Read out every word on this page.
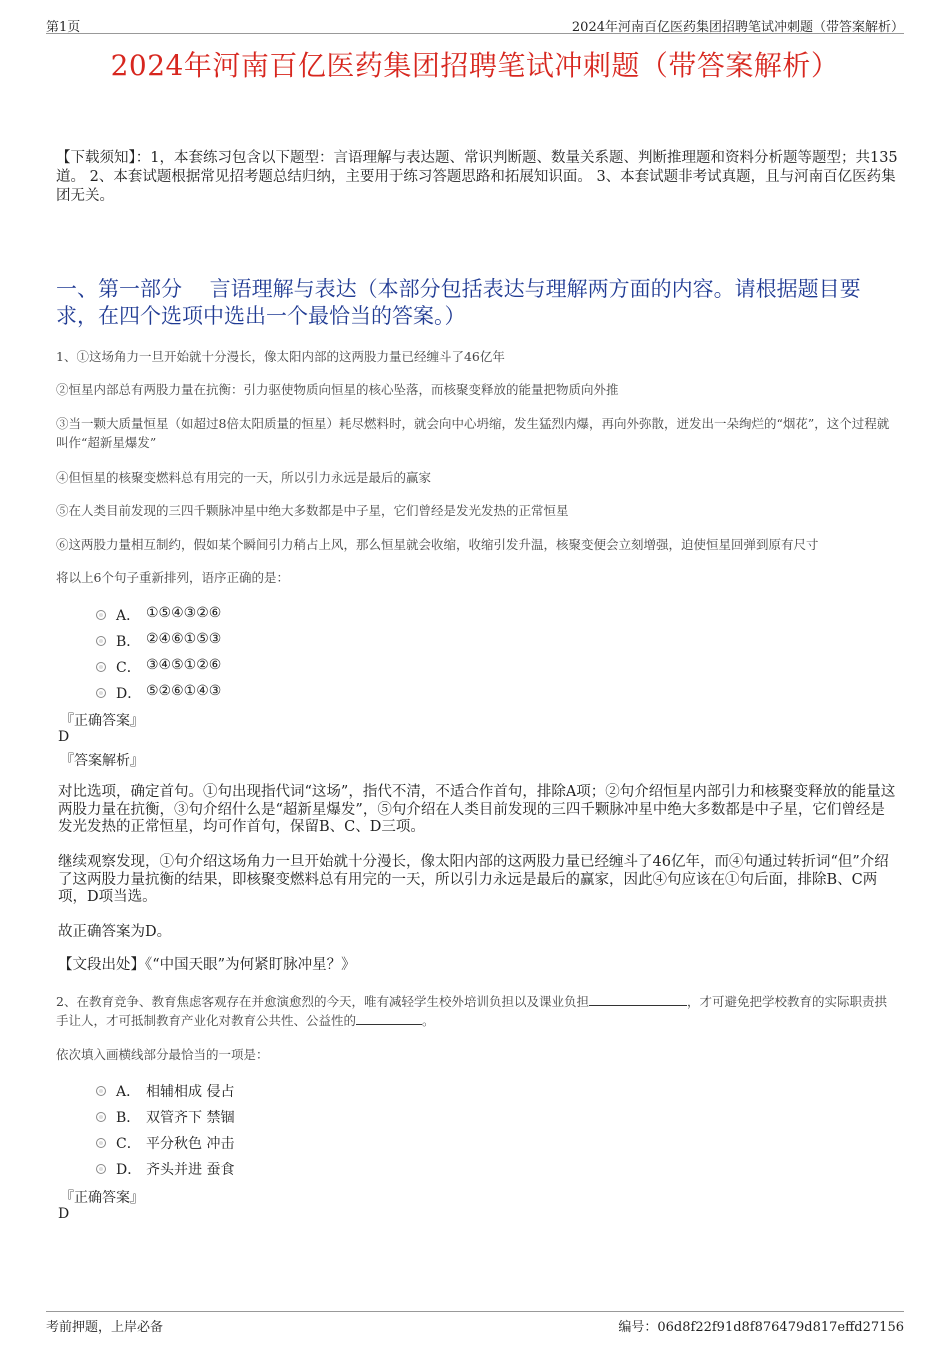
第1页	2024年河南百亿医药集团招聘笔试冲刺题（带答案解析）
2024年河南百亿医药集团招聘笔试冲刺题（带答案解析）
【下载须知】：1，本套练习包含以下题型：言语理解与表达题、常识判断题、数量关系题、判断推理题和资料分析题等题型；共135道。 2、本套试题根据常见招考题总结归纳，主要用于练习答题思路和拓展知识面。 3、本套试题非考试真题，且与河南百亿医药集团无关。
一、第一部分　 言语理解与表达（本部分包括表达与理解两方面的内容。请根据题目要求，在四个选项中选出一个最恰当的答案。）
1、①这场角力一旦开始就十分漫长，像太阳内部的这两股力量已经缠斗了46亿年
②恒星内部总有两股力量在抗衡：引力驱使物质向恒星的核心坠落，而核聚变释放的能量把物质向外推
③当一颗大质量恒星（如超过8倍太阳质量的恒星）耗尽燃料时，就会向中心坍缩，发生猛烈内爆，再向外弥散，迸发出一朵绚烂的“烟花”，这个过程就叫作“超新星爆发”
④但恒星的核聚变燃料总有用完的一天，所以引力永远是最后的赢家
⑤在人类目前发现的三四千颗脉冲星中绝大多数都是中子星，它们曾经是发光发热的正常恒星
⑥这两股力量相互制约，假如某个瞬间引力稍占上风，那么恒星就会收缩，收缩引发升温，核聚变便会立刻增强，迫使恒星回弹到原有尺寸
将以上6个句子重新排列，语序正确的是：
A． ①⑤④③②⑥
B． ②④⑥①⑤③
C． ③④⑤①②⑥
D． ⑤②⑥①④③
『正确答案』
D
『答案解析』
对比选项，确定首句。①句出现指代词“这场”，指代不清，不适合作首句，排除A项；②句介绍恒星内部引力和核聚变释放的能量这两股力量在抗衡，③句介绍什么是“超新星爆发”，⑤句介绍在人类目前发现的三四千颗脉冲星中绝大多数都是中子星，它们曾经是发光发热的正常恒星，均可作首句，保留B、C、D三项。
继续观察发现，①句介绍这场角力一旦开始就十分漫长，像太阳内部的这两股力量已经缠斗了46亿年，而④句通过转折词“但”介绍了这两股力量抗衡的结果，即核聚变燃料总有用完的一天，所以引力永远是最后的赢家，因此④句应该在①句后面，排除B、C两项，D项当选。
故正确答案为D。
【文段出处】《“中国天眼”为何紧盯脉冲星？》
2、在教育竞争、教育焦虑客观存在并愈演愈烈的今天，唯有减轻学生校外培训负担以及课业负担	，才可避免把学校教育的实际职责拱手让人，才可抵制教育产业化对教育公共性、公益性的	。
依次填入画横线部分最恰当的一项是：
A． 相辅相成 侵占
B． 双管齐下 禁锢
C． 平分秋色 冲击
D． 齐头并进 蚕食
『正确答案』
D
考前押题，上岸必备	编号：06d8f22f91d8f876479d817effd27156
